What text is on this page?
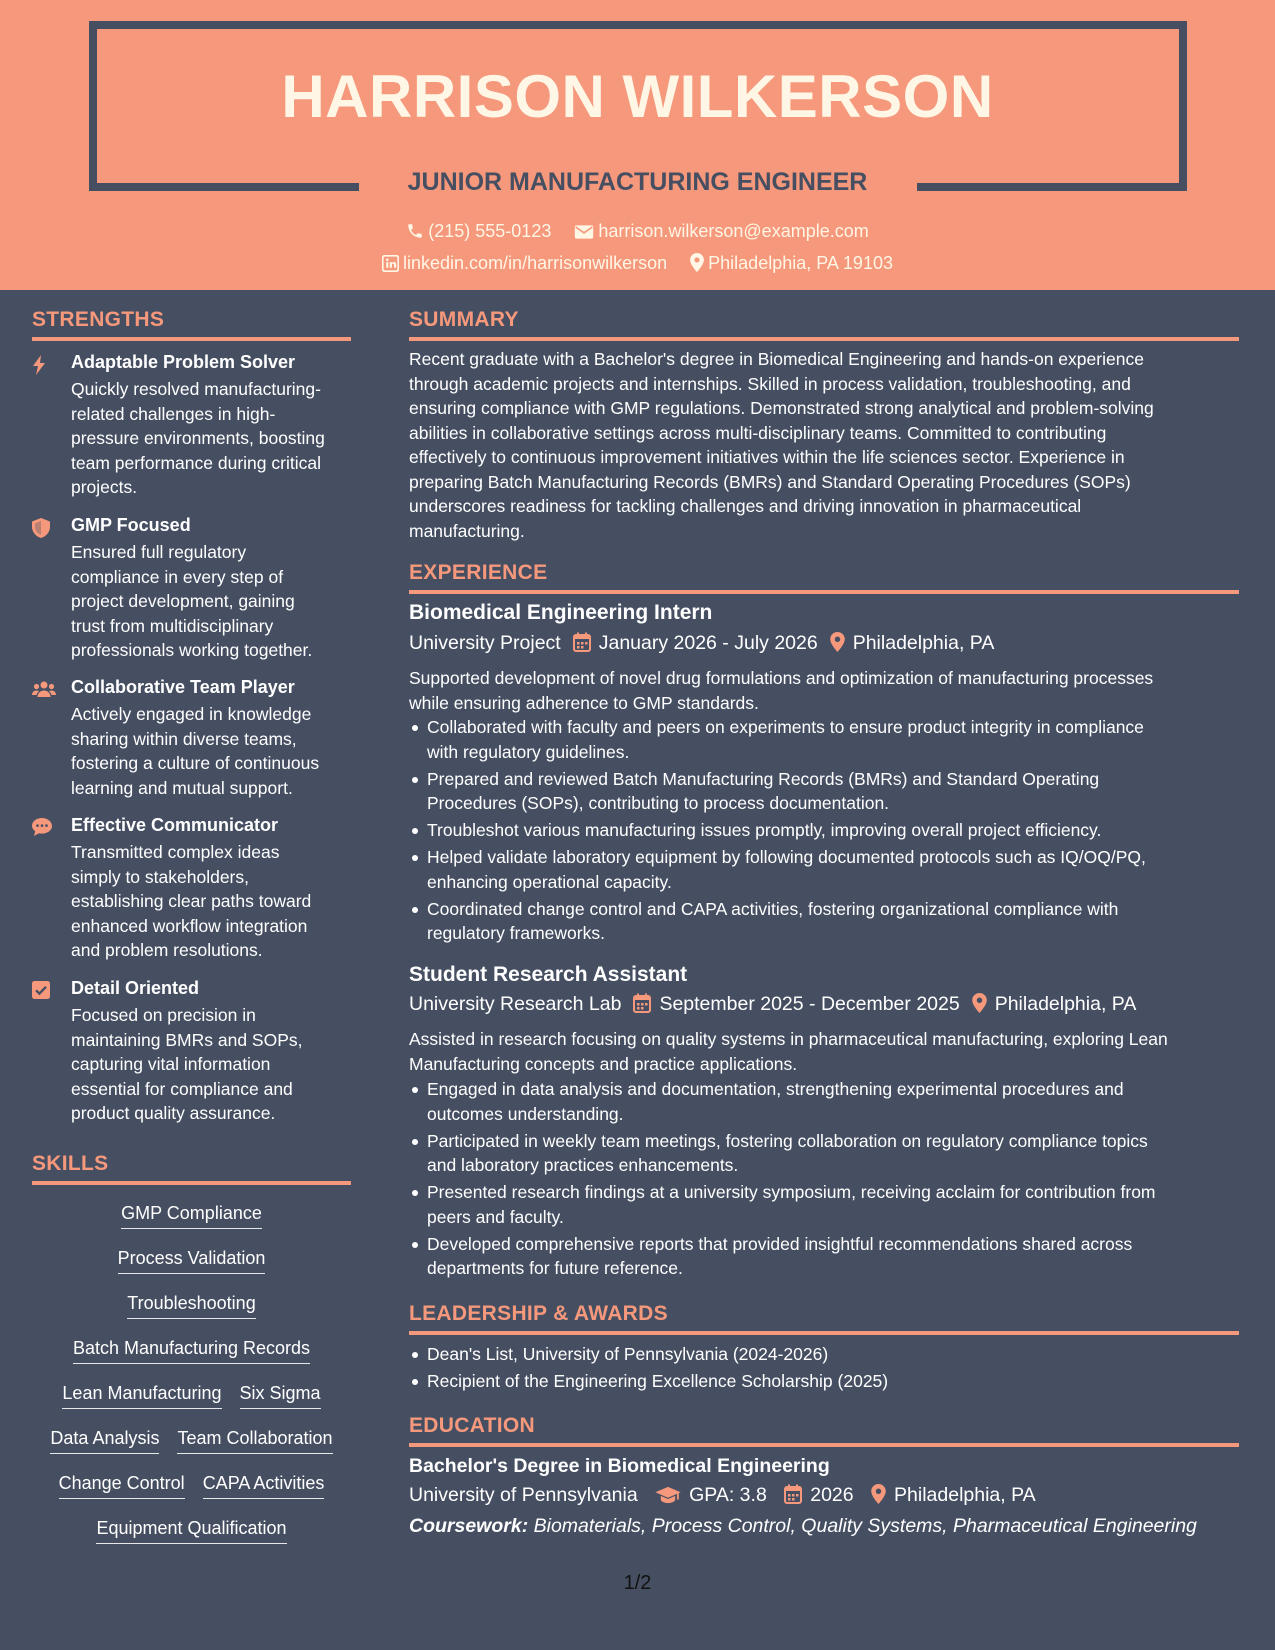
HARRISON WILKERSON
JUNIOR MANUFACTURING ENGINEER
(215) 555-0123	harrison.wilkerson@example.com
linkedin.com/in/harrisonwilkerson Philadelphia, PA 19103
STRENGTHS
Adaptable Problem Solver
Quickly resolved manufacturing-
related challenges in high-
pressure environments, boosting
team performance during critical
projects.
GMP Focused
Ensured full regulatory
compliance in every step of
project development, gaining
trust from multidisciplinary
professionals working together.
Collaborative Team Player
Actively engaged in knowledge
sharing within diverse teams,
fostering a culture of continuous
learning and mutual support.
Effective Communicator
Transmitted complex ideas
simply to stakeholders,
establishing clear paths toward
enhanced workflow integration
and problem resolutions.
Detail Oriented
Focused on precision in
maintaining BMRs and SOPs,
capturing vital information
essential for compliance and
product quality assurance.
SKILLS
GMP Compliance
Process Validation
Troubleshooting
Batch Manufacturing Records
Lean Manufacturing Six Sigma
Data Analysis Team Collaboration
Change Control CAPA Activities
Equipment Qualification
SUMMARY
Recent graduate with a Bachelor's degree in Biomedical Engineering and hands-on experience
through academic projects and internships. Skilled in process validation, troubleshooting, and
ensuring compliance with GMP regulations. Demonstrated strong analytical and problem-solving
abilities in collaborative settings across multi-disciplinary teams. Committed to contributing
effectively to continuous improvement initiatives within the life sciences sector. Experience in
preparing Batch Manufacturing Records (BMRs) and Standard Operating Procedures (SOPs)
underscores readiness for tackling challenges and driving innovation in pharmaceutical
manufacturing.
EXPERIENCE
Biomedical Engineering Intern
University Project January 2026 - July 2026 Philadelphia, PA
Supported development of novel drug formulations and optimization of manufacturing processes
while ensuring adherence to GMP standards.
Collaborated with faculty and peers on experiments to ensure product integrity in compliance
with regulatory guidelines.
Prepared and reviewed Batch Manufacturing Records (BMRs) and Standard Operating
Procedures (SOPs), contributing to process documentation.
Troubleshot various manufacturing issues promptly, improving overall project efficiency.
Helped validate laboratory equipment by following documented protocols such as IQ/OQ/PQ,
enhancing operational capacity.
Coordinated change control and CAPA activities, fostering organizational compliance with
regulatory frameworks.
Student Research Assistant
University Research Lab September 2025 - December 2025 Philadelphia, PA
Assisted in research focusing on quality systems in pharmaceutical manufacturing, exploring Lean
Manufacturing concepts and practice applications.
Engaged in data analysis and documentation, strengthening experimental procedures and
outcomes understanding.
Participated in weekly team meetings, fostering collaboration on regulatory compliance topics
and laboratory practices enhancements.
Presented research findings at a university symposium, receiving acclaim for contribution from
peers and faculty.
Developed comprehensive reports that provided insightful recommendations shared across
departments for future reference.
LEADERSHIP & AWARDS
Dean's List, University of Pennsylvania (2024-2026)
Recipient of the Engineering Excellence Scholarship (2025)
EDUCATION
Bachelor's Degree in Biomedical Engineering
University of Pennsylvania	GPA: 3.8 2026 Philadelphia, PA
Coursework: Biomaterials, Process Control, Quality Systems, Pharmaceutical Engineering
1/2
